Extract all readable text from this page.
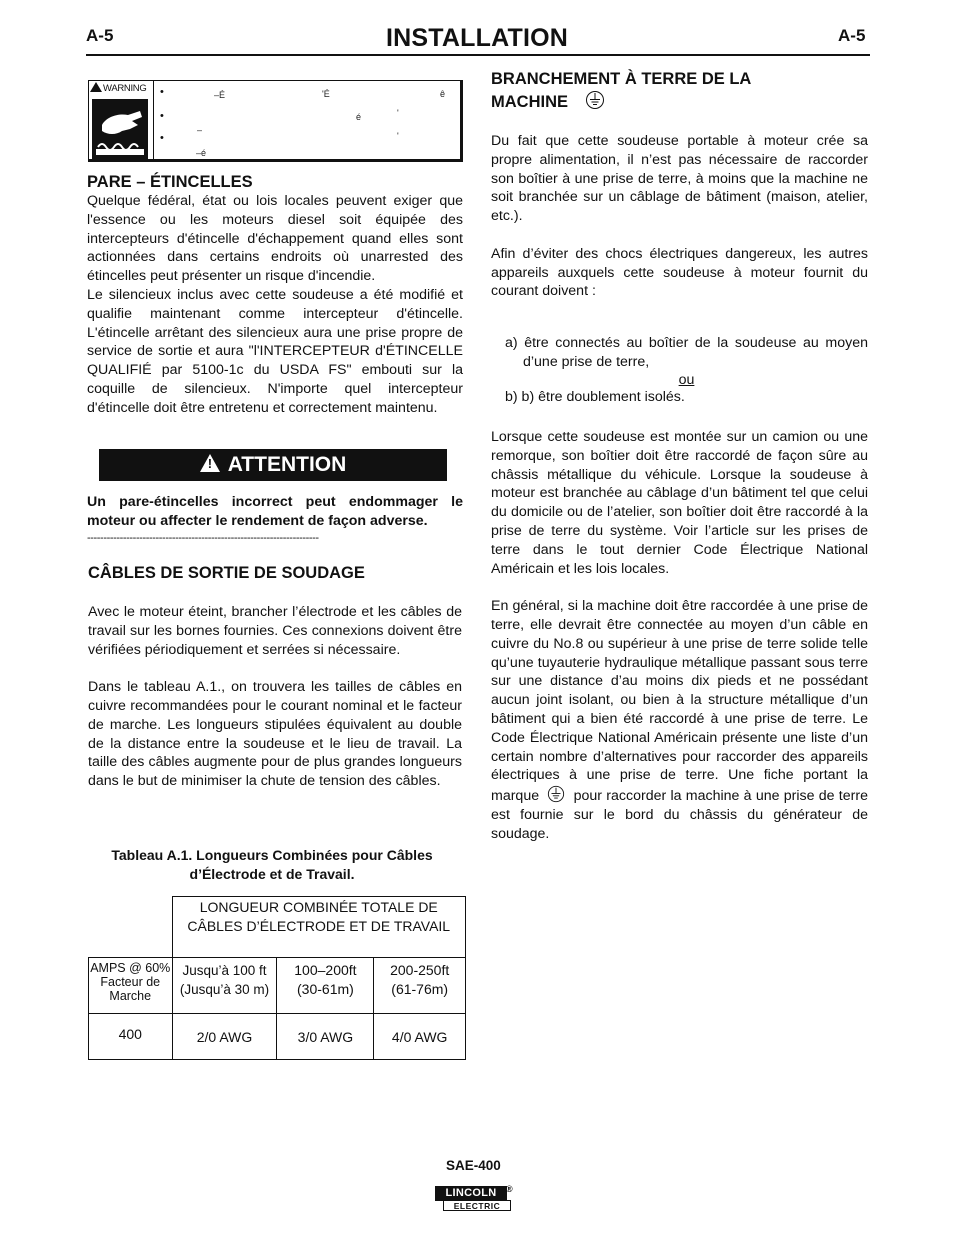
A-5	INSTALLATION	A-5
WARNING •
•
•
–É	'É	ê
é	'
–
'
–é
PARE – ÉTINCELLES

Quelque fédéral, état ou lois locales peuvent exiger que l'essence ou les moteurs diesel soit équipée des intercepteurs d'étincelle d'échappement quand elles sont actionnées dans certains endroits où unarrested des étincelles peut présenter un risque d'incendie.

Le silencieux inclus avec cette soudeuse a été modifié et qualifie maintenant comme intercepteur d'étincelle. L'étincelle arrêtant des silencieux aura une prise propre de service de sortie et aura "l'INTERCEPTEUR d'ÉTINCELLE QUALIFIÉ par 5100-1c du USDA FS" embouti sur la coquille de silencieux. N'importe quel intercepteur d'étincelle doit être entretenu et correctement maintenu.

!ATTENTION
Un pare-étincelles incorrect peut endommager le moteur ou affecter le rendement de façon adverse.
-----------------------------------------------------------------------
CÂBLES DE SORTIE DE SOUDAGE

Avec le moteur éteint, brancher l’électrode et les câbles de travail sur les bornes fournies. Ces connexions doivent être vérifiées périodiquement et serrées si nécessaire.

Dans le tableau A.1., on trouvera les tailles de câbles en cuivre recommandées pour le courant nominal et le facteur de marche. Les longueurs stipulées équivalent au double de la distance entre la soudeuse et le lieu de travail. La taille des câbles augmente pour de plus grandes longueurs dans le but de minimiser la chute de tension des câbles.

Tableau A.1. Longueurs Combinées pour Câbles
d’Électrode et de Travail.
	LONGUEUR COMBINÉE TOTALE DE CÂBLES D’ÉLECTRODE ET DE TRAVAIL		
AMPS @ 60% Facteur de Marche	Jusqu’à 100 ft (Jusqu’à 30 m)	100–200ft (30-61m)	200-250ft (61-76m)
400	2/0 AWG	3/0 AWG	4/0 AWG
BRANCHEMENT À TERRE DE LA
MACHINE

Du fait que cette soudeuse portable à moteur crée sa propre alimentation, il n’est pas nécessaire de raccorder son boîtier à une prise de terre, à moins que la machine ne soit branchée sur un câblage de bâtiment (maison, atelier, etc.).

Afin d’éviter des chocs électriques dangereux, les autres appareils auxquels cette soudeuse à moteur fournit du courant doivent :

a) être connectés au boîtier de la soudeuse au moyen d’une prise de terre,

ou

b) b) être doublement isolés.

Lorsque cette soudeuse est montée sur un camion ou une remorque, son boîtier doit être raccordé de façon sûre au châssis métallique du véhicule. Lorsque la soudeuse à moteur est branchée au câblage d’un bâtiment tel que celui du domicile ou de l’atelier, son boîtier doit être raccordé à la prise de terre du système. Voir l’article sur les prises de terre dans le tout dernier Code Électrique National Américain et les lois locales.

En général, si la machine doit être raccordée à une prise de terre, elle devrait être connectée au moyen d’un câble en cuivre du No.8 ou supérieur à une prise de terre solide telle qu’une tuyauterie hydraulique métallique passant sous terre sur une distance d’au moins dix pieds et ne possédant aucun joint isolant, ou bien à la structure métallique d’un bâtiment qui a bien été raccordé à une prise de terre. Le Code Électrique National Américain présente une liste d’un certain nombre d’alternatives pour raccorder des appareils électriques à une prise de terre. Une fiche portant la marque pour raccorder la machine à une prise de terre est fournie sur le bord du châssis du générateur de soudage.

SAE-400
LINCOLN	®
ELECTRIC
